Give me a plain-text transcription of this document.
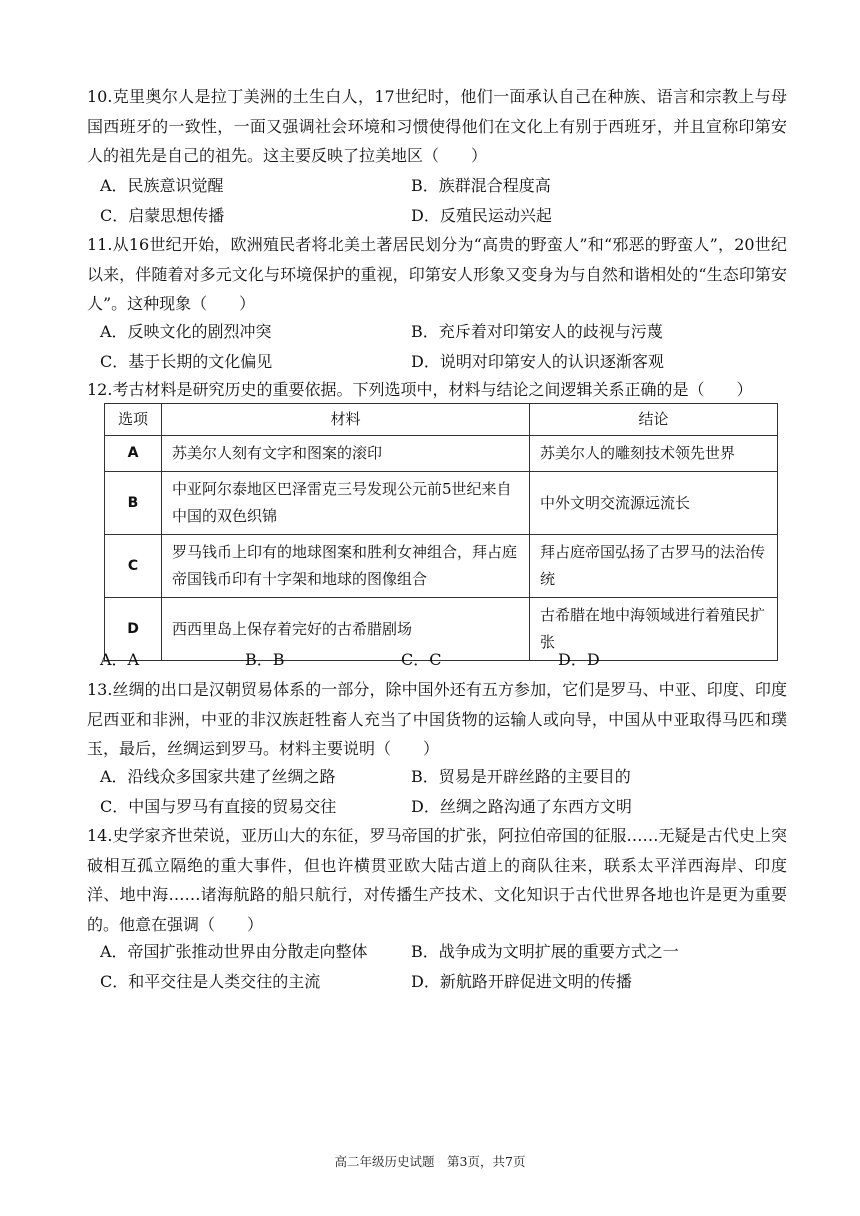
10.克里奥尔人是拉丁美洲的土生白人，17世纪时，他们一面承认自己在种族、语言和宗教上与母国西班牙的一致性，一面又强调社会环境和习惯使得他们在文化上有别于西班牙，并且宣称印第安人的祖先是自己的祖先。这主要反映了拉美地区（　　）
A．民族意识觉醒	B．族群混合程度高
C．启蒙思想传播	D．反殖民运动兴起
11.从16世纪开始，欧洲殖民者将北美土著居民划分为“高贵的野蛮人”和“邪恶的野蛮人”，20世纪以来，伴随着对多元文化与环境保护的重视，印第安人形象又变身为与自然和谐相处的“生态印第安人”。这种现象（　　）
A．反映文化的剧烈冲突	B．充斥着对印第安人的歧视与污蔑
C．基于长期的文化偏见	D．说明对印第安人的认识逐渐客观
12.考古材料是研究历史的重要依据。下列选项中，材料与结论之间逻辑关系正确的是（　　）
选项	材料	结论
A	苏美尔人刻有文字和图案的滚印	苏美尔人的雕刻技术领先世界
B	中亚阿尔泰地区巴泽雷克三号发现公元前5世纪来自中国的双色织锦	中外文明交流源远流长
C	罗马钱币上印有的地球图案和胜利女神组合，拜占庭帝国钱币印有十字架和地球的图像组合	拜占庭帝国弘扬了古罗马的法治传统
D	西西里岛上保存着完好的古希腊剧场	古希腊在地中海领域进行着殖民扩张
A．A	B．B	C．C	D．D
13.丝绸的出口是汉朝贸易体系的一部分，除中国外还有五方参加，它们是罗马、中亚、印度、印度尼西亚和非洲，中亚的非汉族赶牲畜人充当了中国货物的运输人或向导，中国从中亚取得马匹和璞玉，最后，丝绸运到罗马。材料主要说明（　　）
A．沿线众多国家共建了丝绸之路	B．贸易是开辟丝路的主要目的
C．中国与罗马有直接的贸易交往	D．丝绸之路沟通了东西方文明
14.史学家齐世荣说，亚历山大的东征，罗马帝国的扩张，阿拉伯帝国的征服……无疑是古代史上突破相互孤立隔绝的重大事件，但也许横贯亚欧大陆古道上的商队往来，联系太平洋西海岸、印度洋、地中海……诸海航路的船只航行，对传播生产技术、文化知识于古代世界各地也许是更为重要的。他意在强调（　　）
A．帝国扩张推动世界由分散走向整体	B．战争成为文明扩展的重要方式之一
C．和平交往是人类交往的主流	D．新航路开辟促进文明的传播
高二年级历史试题　第3页，共7页
